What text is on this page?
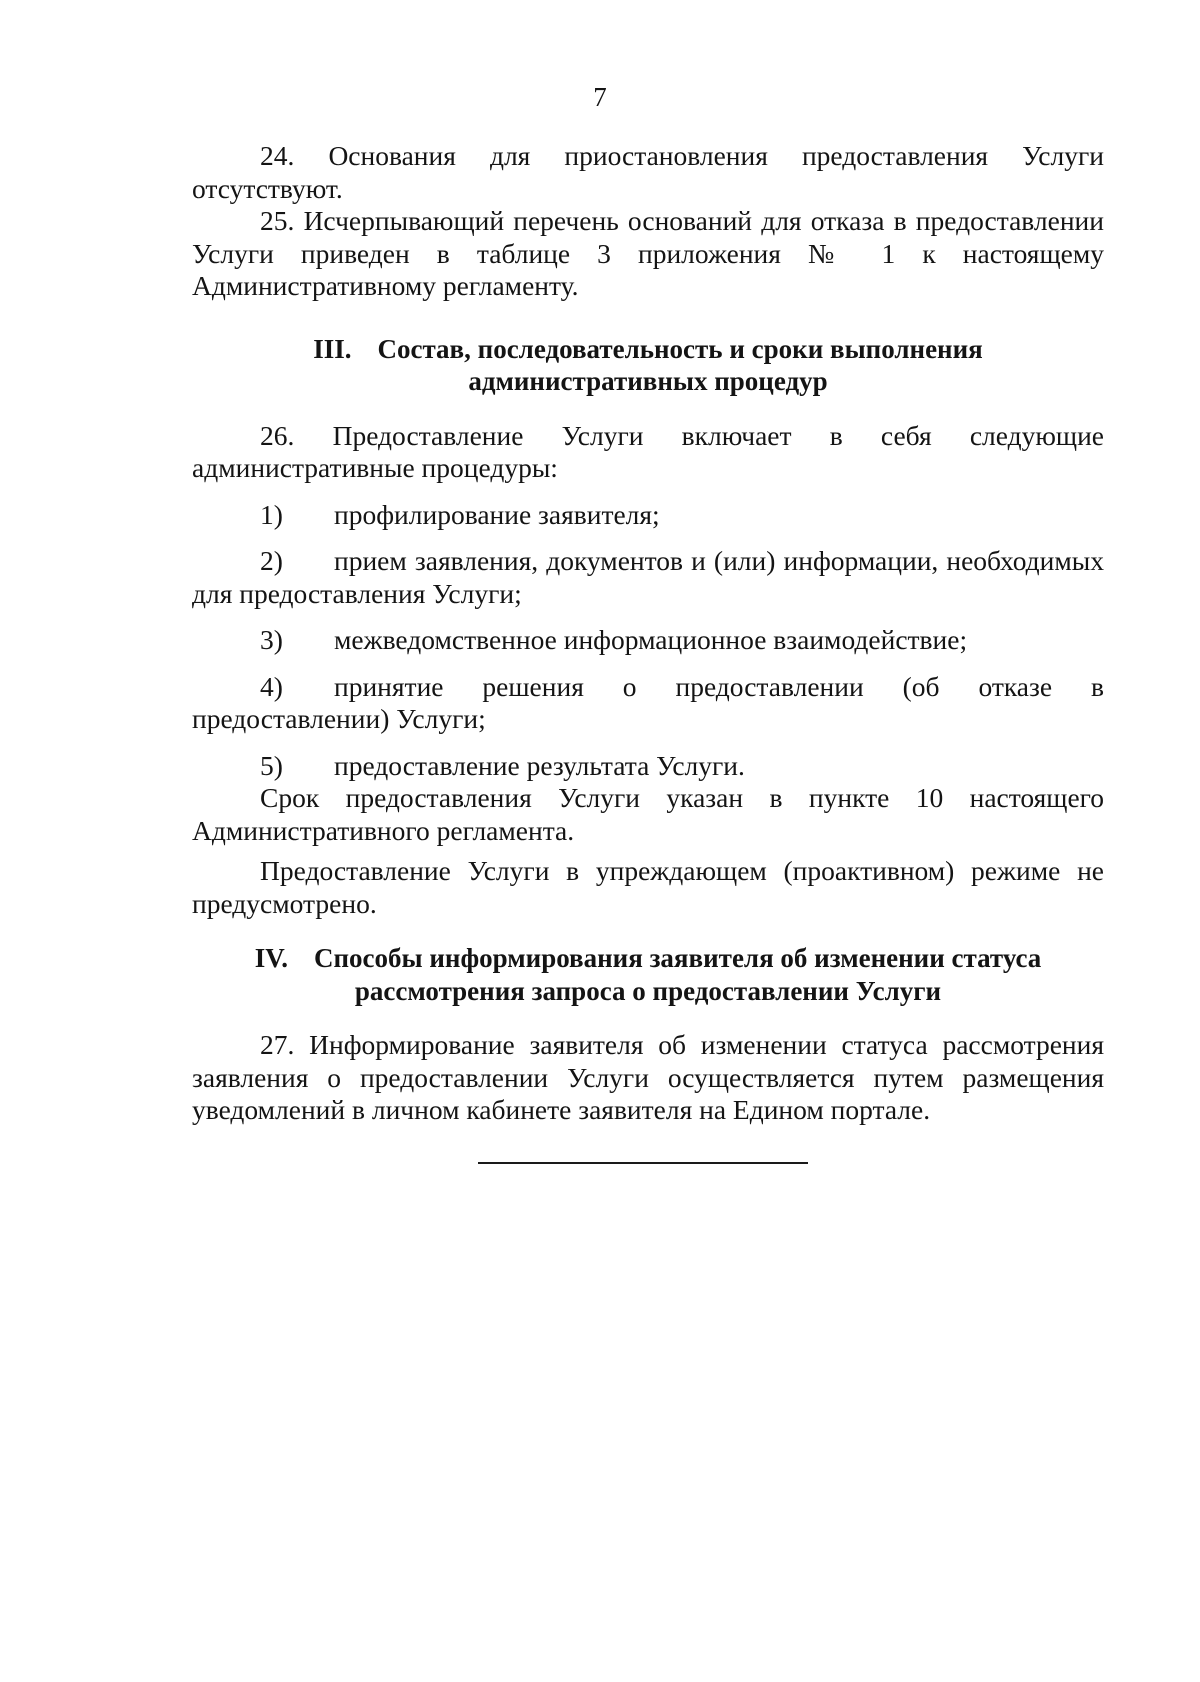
7

24. Основания для приостановления предоставления Услуги отсутствуют.

25. Исчерпывающий перечень оснований для отказа в предоставлении Услуги приведен в таблице 3 приложения № 1 к настоящему Административному регламенту.

III. Состав, последовательность и сроки выполнения
административных процедур

26. Предоставление Услуги включает в себя следующие административные процедуры:

1) профилирование заявителя;

2) прием заявления, документов и (или) информации, необходимых для предоставления Услуги;

3) межведомственное информационное взаимодействие;

4) принятие решения о предоставлении (об отказе в предоставлении) Услуги;

5) предоставление результата Услуги.

Срок предоставления Услуги указан в пункте 10 настоящего Административного регламента.

Предоставление Услуги в упреждающем (проактивном) режиме не предусмотрено.

IV. Способы информирования заявителя об изменении статуса
рассмотрения запроса о предоставлении Услуги

27. Информирование заявителя об изменении статуса рассмотрения заявления о предоставлении Услуги осуществляется путем размещения уведомлений в личном кабинете заявителя на Едином портале.
